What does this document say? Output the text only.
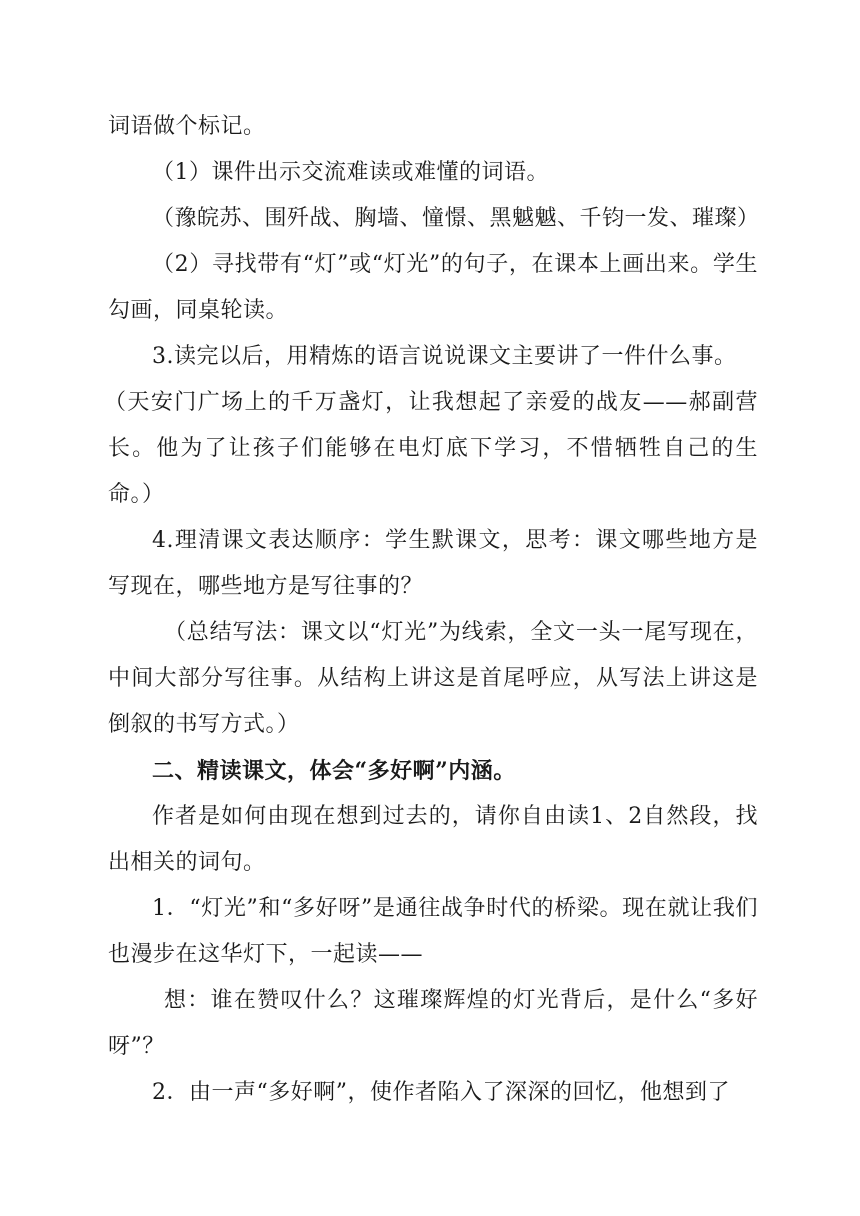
词语做个标记。

（1）课件出示交流难读或难懂的词语。

（豫皖苏、围歼战、胸墙、憧憬、黑魆魆、千钧一发、璀璨）

（2）寻找带有“灯”或“灯光”的句子，在课本上画出来。学生勾画，同桌轮读。

3.读完以后，用精炼的语言说说课文主要讲了一件什么事。

（天安门广场上的千万盏灯，让我想起了亲爱的战友——郝副营长。他为了让孩子们能够在电灯底下学习，不惜牺牲自己的生命。）

4.理清课文表达顺序：学生默课文，思考：课文哪些地方是写现在，哪些地方是写往事的？

（总结写法：课文以“灯光”为线索，全文一头一尾写现在，中间大部分写往事。从结构上讲这是首尾呼应，从写法上讲这是倒叙的书写方式。）

二、精读课文，体会“多好啊”内涵。

作者是如何由现在想到过去的，请你自由读1、2自然段，找出相关的词句。

1．“灯光”和“多好呀”是通往战争时代的桥梁。现在就让我们也漫步在这华灯下，一起读——

想：谁在赞叹什么？这璀璨辉煌的灯光背后，是什么“多好呀”？

2．由一声“多好啊”，使作者陷入了深深的回忆，他想到了
